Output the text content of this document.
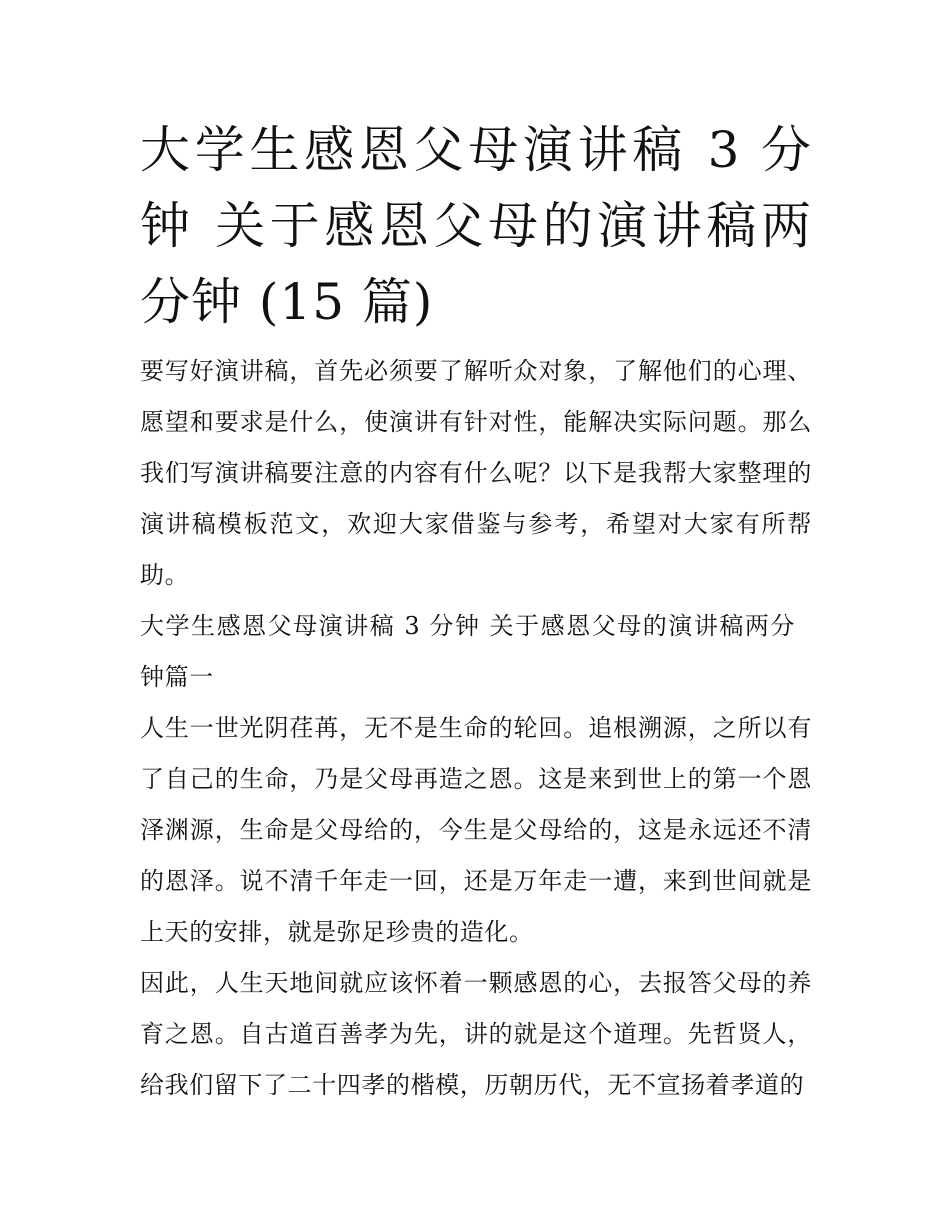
大学生感恩父母演讲稿 3 分钟 关于感恩父母的演讲稿两分钟 (15 篇)

要写好演讲稿，首先必须要了解听众对象，了解他们的心理、愿望和要求是什么，使演讲有针对性，能解决实际问题。那么我们写演讲稿要注意的内容有什么呢？以下是我帮大家整理的演讲稿模板范文，欢迎大家借鉴与参考，希望对大家有所帮助。

大学生感恩父母演讲稿 3 分钟 关于感恩父母的演讲稿两分钟篇一

人生一世光阴荏苒，无不是生命的轮回。追根溯源，之所以有了自己的生命，乃是父母再造之恩。这是来到世上的第一个恩泽渊源，生命是父母给的，今生是父母给的，这是永远还不清的恩泽。说不清千年走一回，还是万年走一遭，来到世间就是上天的安排，就是弥足珍贵的造化。

因此，人生天地间就应该怀着一颗感恩的心，去报答父母的养育之恩。自古道百善孝为先，讲的就是这个道理。先哲贤人，给我们留下了二十四孝的楷模，历朝历代，无不宣扬着孝道的
